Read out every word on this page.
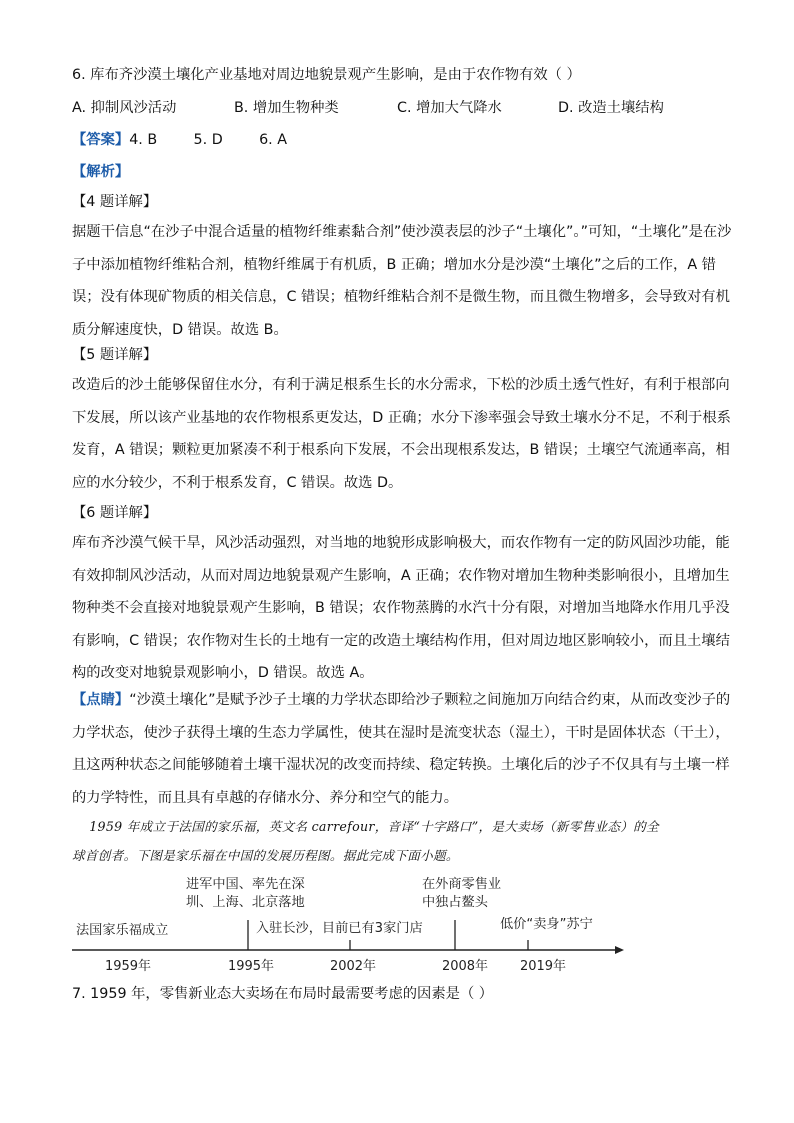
6. 库布齐沙漠土壤化产业基地对周边地貌景观产生影响，是由于农作物有效（ ）
A. 抑制风沙活动	B. 增加生物种类	C. 增加大气降水	D. 改造土壤结构
【答案】4. B        5. D        6. A
【解析】
【4 题详解】
据题干信息“在沙子中混合适量的植物纤维素黏合剂”使沙漠表层的沙子“土壤化”。”可知，“土壤化”是在沙
子中添加植物纤维粘合剂，植物纤维属于有机质，B 正确；增加水分是沙漠“土壤化”之后的工作，A 错
误；没有体现矿物质的相关信息，C 错误；植物纤维粘合剂不是微生物，而且微生物增多，会导致对有机
质分解速度快，D 错误。故选 B。
【5 题详解】
改造后的沙土能够保留住水分，有利于满足根系生长的水分需求，下松的沙质土透气性好，有利于根部向
下发展，所以该产业基地的农作物根系更发达，D 正确；水分下渗率强会导致土壤水分不足，不利于根系
发育，A 错误；颗粒更加紧凑不利于根系向下发展，不会出现根系发达，B 错误；土壤空气流通率高，相
应的水分较少，不利于根系发育，C 错误。故选 D。
【6 题详解】
库布齐沙漠气候干旱，风沙活动强烈，对当地的地貌形成影响极大，而农作物有一定的防风固沙功能，能
有效抑制风沙活动，从而对周边地貌景观产生影响，A 正确；农作物对增加生物种类影响很小，且增加生
物种类不会直接对地貌景观产生影响，B 错误；农作物蒸腾的水汽十分有限，对增加当地降水作用几乎没
有影响，C 错误；农作物对生长的土地有一定的改造土壤结构作用，但对周边地区影响较小，而且土壤结
构的改变对地貌景观影响小，D 错误。故选 A。
【点睛】“沙漠土壤化”是赋予沙子土壤的力学状态即给沙子颗粒之间施加万向结合约束，从而改变沙子的
力学状态，使沙子获得土壤的生态力学属性，使其在湿时是流变状态（湿土），干时是固体状态（干土），
且这两种状态之间能够随着土壤干湿状况的改变而持续、稳定转换。土壤化后的沙子不仅具有与土壤一样
的力学特性，而且具有卓越的存储水分、养分和空气的能力。
1959 年成立于法国的家乐福，英文名 carrefour，音译“十字路口”，是大卖场（新零售业态）的全
球首创者。下图是家乐福在中国的发展历程图。据此完成下面小题。
1959年
法国家乐福成立
1995年
进军中国、率先在深
圳、上海、北京落地
2002年
入驻长沙，目前已有3家门店
2008年
在外商零售业
中独占鳌头
2019年
低价“卖身”苏宁
7. 1959 年，零售新业态大卖场在布局时最需要考虑的因素是（ ）
